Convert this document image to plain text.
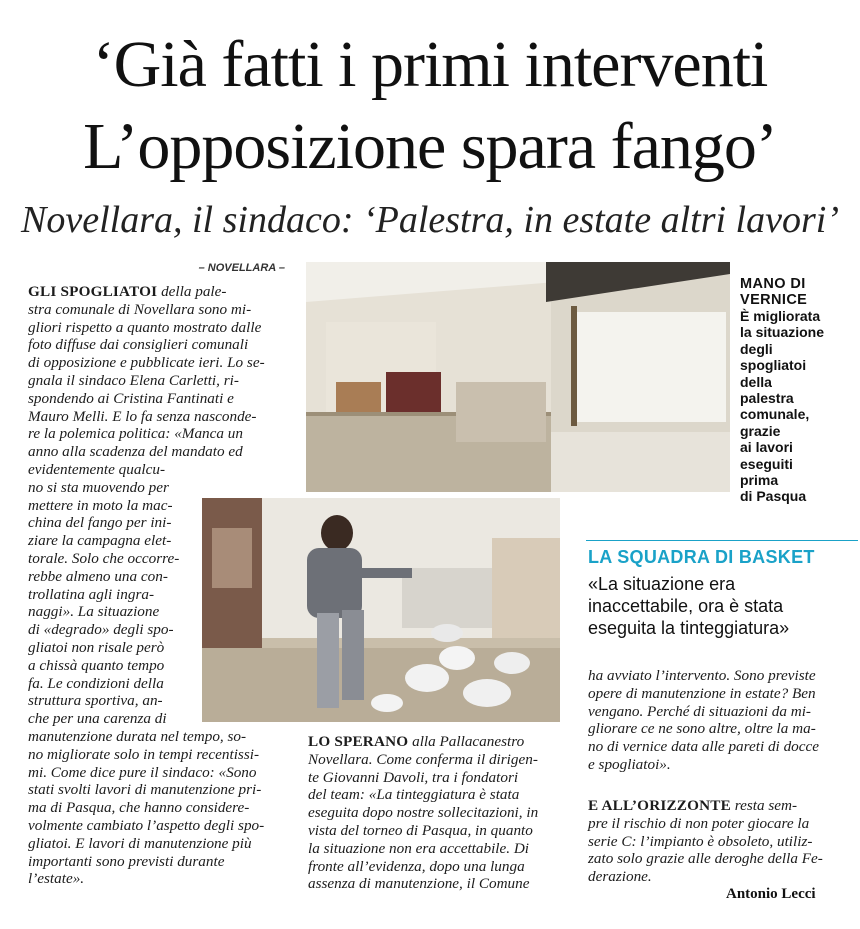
‘Già fatti i primi interventi
L’opposizione spara fango’
Novellara, il sindaco: ‘Palestra, in estate altri lavori’
– NOVELLARA –
GLI SPOGLIATOI della pale-
stra comunale di Novellara sono mi-
gliori rispetto a quanto mostrato dalle
foto diffuse dai consiglieri comunali
di opposizione e pubblicate ieri. Lo se-
gnala il sindaco Elena Carletti, ri-
spondendo ai Cristina Fantinati e
Mauro Melli. E lo fa senza nasconde-
re la polemica politica: «Manca un
anno alla scadenza del mandato ed
evidentemente qualcu-
no si sta muovendo per
mettere in moto la mac-
china del fango per ini-
ziare la campagna elet-
torale. Solo che occorre-
rebbe almeno una con-
trollatina agli ingra-
naggi». La situazione
di «degrado» degli spo-
gliatoi non risale però
a chissà quanto tempo
fa. Le condizioni della
struttura sportiva, an-
che per una carenza di
manutenzione durata nel tempo, so-
no migliorate solo in tempi recentissi-
mi. Come dice pure il sindaco: «Sono
stati svolti lavori di manutenzione pri-
ma di Pasqua, che hanno considere-
volmente cambiato l’aspetto degli spo-
gliatoi. E lavori di manutenzione più
importanti sono previsti durante
l’estate».
MANO DI
VERNICE
È migliorata
la situazione
degli
spogliatoi
della
palestra
comunale,
grazie
ai lavori
eseguiti
prima
di Pasqua
LA SQUADRA DI BASKET
«La situazione era
inaccettabile, ora è stata
eseguita la tinteggiatura»
LO SPERANO alla Pallacanestro
Novellara. Come conferma il dirigen-
te Giovanni Davoli, tra i fondatori
del team: «La tinteggiatura è stata
eseguita dopo nostre sollecitazioni, in
vista del torneo di Pasqua, in quanto
la situazione non era accettabile. Di
fronte all’evidenza, dopo una lunga
assenza di manutenzione, il Comune
ha avviato l’intervento. Sono previste
opere di manutenzione in estate? Ben
vengano. Perché di situazioni da mi-
gliorare ce ne sono altre, oltre la ma-
no di vernice data alle pareti di docce
e spogliatoi».
E ALL’ORIZZONTE resta sem-
pre il rischio di non poter giocare la
serie C: l’impianto è obsoleto, utiliz-
zato solo grazie alle deroghe della Fe-
derazione.
Antonio Lecci
